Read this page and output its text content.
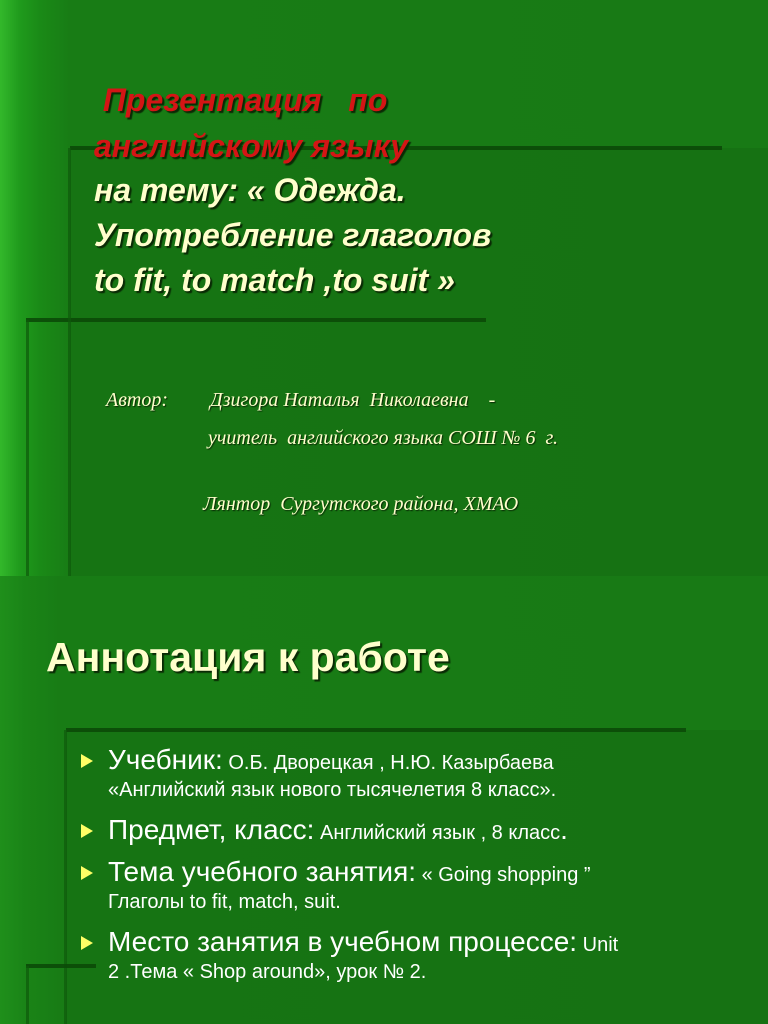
Презентация   по
английскому языку
на тему: « Одежда.
Употребление глаголов
to fit, to match ,to suit »
Автор: Дзигора Наталья  Николаевна    -
учитель  английского языка СОШ № 6  г.
Лянтор  Сургутского района, ХМАО
Аннотация к работе
Учебник: О.Б. Дворецкая , Н.Ю. Казырбаева
«Английский язык нового тысячелетия 8 класс».
Предмет, класс: Английский язык , 8 класс.
Тема учебного занятия: « Going shopping ”
Глаголы to fit, match, suit.
Место занятия в учебном процессе: Unit
2 .Тема « Shop around», урок № 2.
